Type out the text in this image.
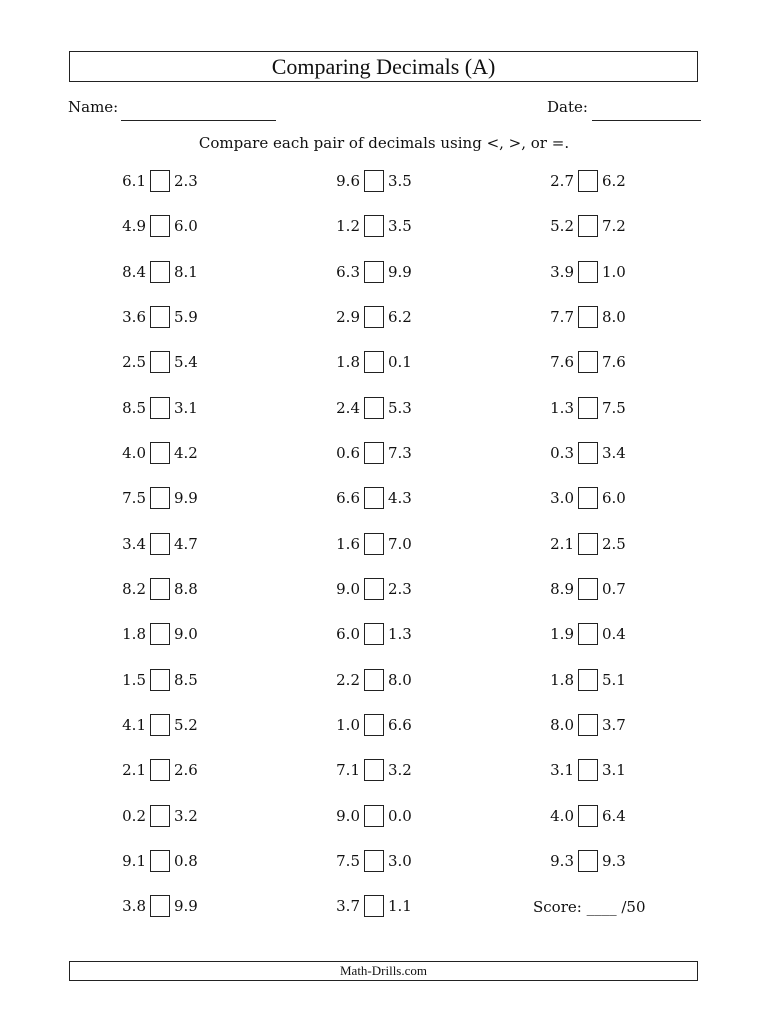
Comparing Decimals (A)
Name:	Date:
Compare each pair of decimals using <, >, or =.
6.1 2.3	9.6 3.5	2.7 6.2
4.9 6.0	1.2 3.5	5.2 7.2
8.4 8.1	6.3 9.9	3.9 1.0
3.6 5.9	2.9 6.2	7.7 8.0
2.5 5.4	1.8 0.1	7.6 7.6
8.5 3.1	2.4 5.3	1.3 7.5
4.0 4.2	0.6 7.3	0.3 3.4
7.5 9.9	6.6 4.3	3.0 6.0
3.4 4.7	1.6 7.0	2.1 2.5
8.2 8.8	9.0 2.3	8.9 0.7
1.8 9.0	6.0 1.3	1.9 0.4
1.5 8.5	2.2 8.0	1.8 5.1
4.1 5.2	1.0 6.6	8.0 3.7
2.1 2.6	7.1 3.2	3.1 3.1
0.2 3.2	9.0 0.0	4.0 6.4
9.1 0.8	7.5 3.0	9.3 9.3
3.8 9.9	3.7 1.1	Score: ____ /50
Math-Drills.com
